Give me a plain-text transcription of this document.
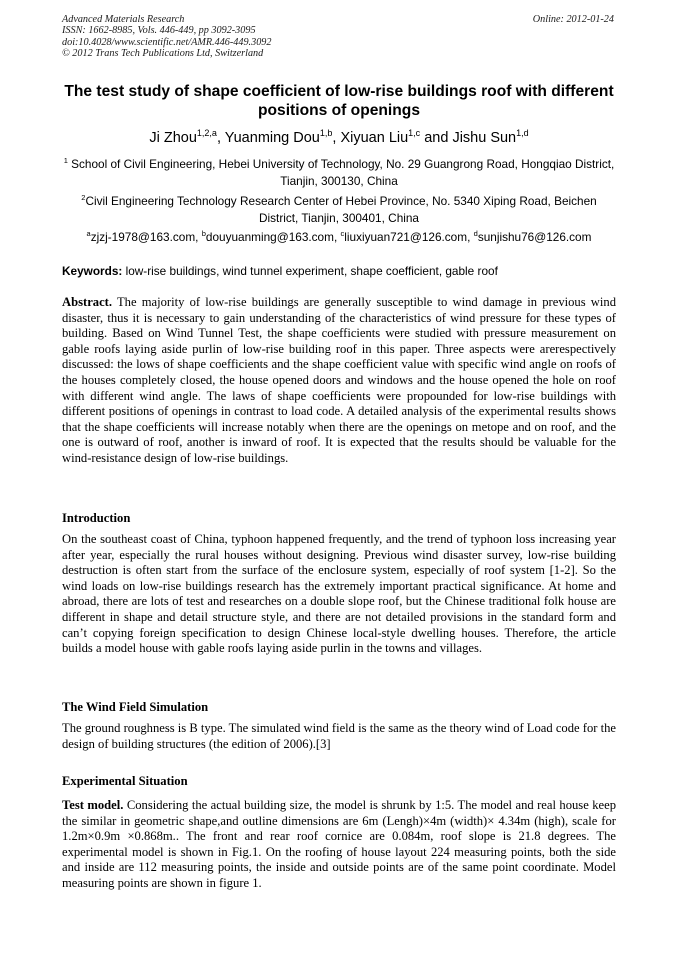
Advanced Materials Research
ISSN: 1662-8985, Vols. 446-449, pp 3092-3095
doi:10.4028/www.scientific.net/AMR.446-449.3092
© 2012 Trans Tech Publications Ltd, Switzerland
Online: 2012-01-24
The test study of shape coefficient of low-rise buildings roof with different positions of openings
Ji Zhou$^{1,2,a}$, Yuanming Dou$^{1,b}$, Xiyuan Liu$^{1,c}$ and Jishu Sun$^{1,d}$
$^1$ School of Civil Engineering, Hebei University of Technology, No. 29 Guangrong Road, Hongqiao District, Tianjin, 300130, China
$^2$Civil Engineering Technology Research Center of Hebei Province, No. 5340 Xiping Road, Beichen District, Tianjin, 300401, China
$^a$zjzj-1978@163.com, $^b$douyuanming@163.com, $^c$liuxiyuan721@126.com, $^d$sunjishu76@126.com
Keywords: low-rise buildings, wind tunnel experiment, shape coefficient, gable roof
Abstract. The majority of low-rise buildings are generally susceptible to wind damage in previous wind disaster, thus it is necessary to gain understanding of the characteristics of wind pressure for these types of building. Based on Wind Tunnel Test, the shape coefficients were studied with pressure measurement on gable roofs laying aside purlin of low-rise building roof in this paper. Three aspects were arerespectively discussed: the lows of shape coefficients and the shape coefficient value with specific wind angle on roofs of the houses completely closed, the house opened doors and windows and the house opened the hole on roof with different wind angle. The laws of shape coefficients were propounded for low-rise buildings with different positions of openings in contrast to load code. A detailed analysis of the experimental results shows that the shape coefficients will increase notably when there are the openings on metope and on roof, and the one is outward of roof, another is inward of roof. It is expected that the results should be valuable for the wind-resistance design of low-rise buildings.
Introduction
On the southeast coast of China, typhoon happened frequently, and the trend of typhoon loss increasing year after year, especially the rural houses without designing. Previous wind disaster survey, low-rise building destruction is often start from the surface of the enclosure system, especially of roof system [1-2]. So the wind loads on low-rise buildings research has the extremely important practical significance. At home and abroad, there are lots of test and researches on a double slope roof, but the Chinese traditional folk house are different in shape and detail structure style, and there are not detailed provisions in the standard form and can’t copying foreign specification to design Chinese local-style dwelling houses. Therefore, the article builds a model house with gable roofs laying aside purlin in the towns and villages.
The Wind Field Simulation
The ground roughness is B type. The simulated wind field is the same as the theory wind of Load code for the design of building structures (the edition of 2006).[3]
Experimental Situation
Test model. Considering the actual building size, the model is shrunk by 1:5. The model and real house keep the similar in geometric shape,and outline dimensions are 6m (Lengh)×4m (width)× 4.34m (high), scale for 1.2m×0.9m ×0.868m.. The front and rear roof cornice are 0.084m, roof slope is 21.8 degrees. The experimental model is shown in Fig.1. On the roofing of house layout 224 measuring points, both the side and inside are 112 measuring points, the inside and outside points are of the same point coordinate. Model measuring points are shown in figure 1.
